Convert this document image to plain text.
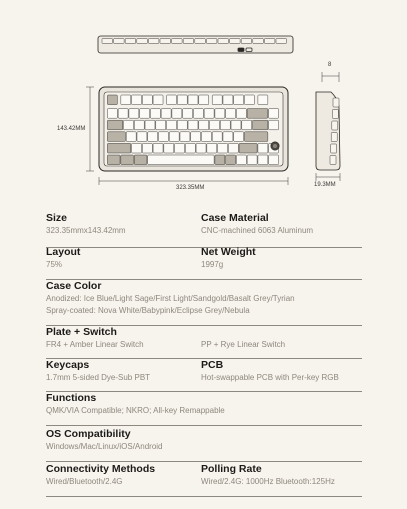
143.42MM
323.35MM	19.3MM
8
Size
323.35mmx143.42mm
Case Material
CNC-machined 6063 Aluminum
Layout
75%
Net Weight
1997g
Case Color
Anodized: Ice Blue/Light Sage/First Light/Sandgold/Basalt Grey/Tyrian
Spray-coated: Nova White/Babypink/Eclipse Grey/Nebula
Plate + Switch
FR4 + Amber Linear Switch	PP + Rye Linear Switch
Keycaps
1.7mm 5-sided Dye-Sub PBT
PCB
Hot-swappable PCB with Per-key RGB
Functions
QMK/VIA Compatible; NKRO; All-key Remappable
OS Compatibility
Windows/Mac/Linux/iOS/Android
Connectivity Methods
Wired/Bluetooth/2.4G
Polling Rate
Wired/2.4G: 1000Hz Bluetooth:125Hz
